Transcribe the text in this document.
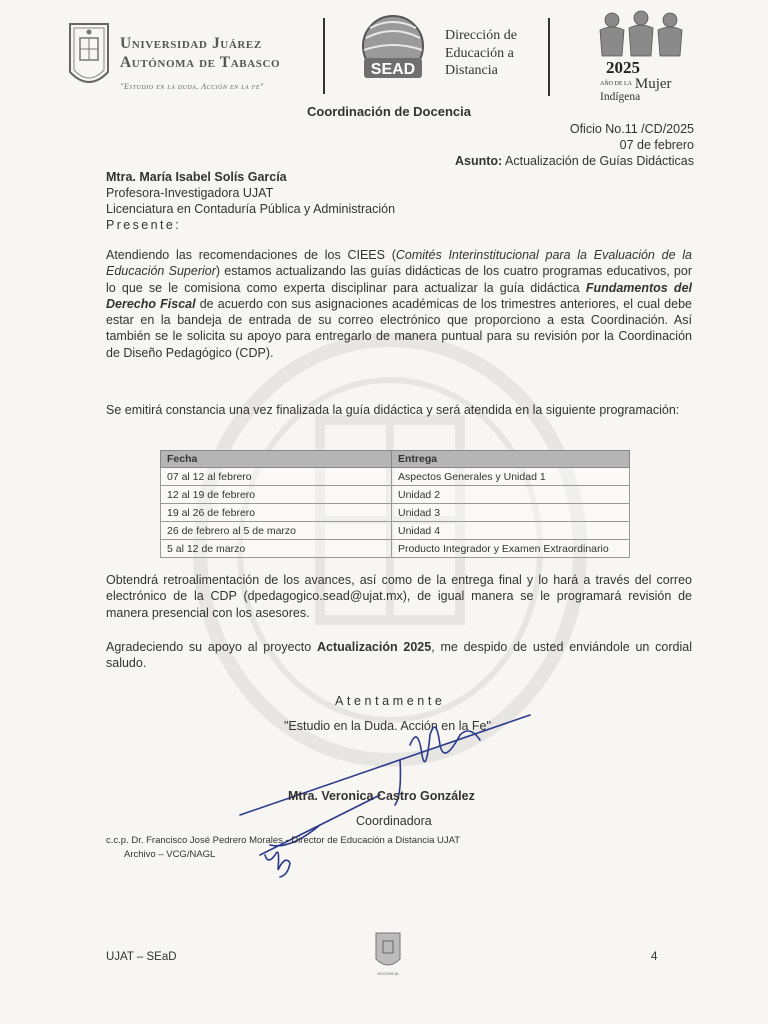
Universidad Juárez
Autónoma de Tabasco
"Estudio en la duda. Acción en la fe"
SEAD
Dirección de
Educación a
Distancia	2025
$^{AÑO DE LA}$ Mujer
Indígena
Coordinación de Docencia
Oficio No.11 /CD/2025
07 de febrero
Asunto: Actualización de Guías Didácticas
Mtra. María Isabel Solís García
Profesora-Investigadora UJAT
Licenciatura en Contaduría Pública y Administración
Presente:
Atendiendo las recomendaciones de los CIEES (Comités Interinstitucional para la Evaluación de la Educación Superior) estamos actualizando las guías didácticas de los cuatro programas educativos, por lo que se le comisiona como experta disciplinar para actualizar la guía didáctica Fundamentos del Derecho Fiscal de acuerdo con sus asignaciones académicas de los trimestres anteriores, el cual debe estar en la bandeja de entrada de su correo electrónico que proporciono a esta Coordinación. Así también se le solicita su apoyo para entregarlo de manera puntual para su revisión por la Coordinación de Diseño Pedagógico (CDP).
Se emitirá constancia una vez finalizada la guía didáctica y será atendida en la siguiente programación:
Fecha	Entrega
07 al 12 al febrero	Aspectos Generales y Unidad 1
12 al 19 de febrero	Unidad 2
19 al 26 de febrero	Unidad 3
26 de febrero al 5 de marzo	Unidad 4
5 al 12 de marzo	Producto Integrador y Examen Extraordinario
Obtendrá retroalimentación de los avances, así como de la entrega final y lo hará a través del correo electrónico de la CDP (dpedagogico.sead@ujat.mx), de igual manera se le programará revisión de manera presencial con los asesores.
Agradeciendo su apoyo al proyecto Actualización 2025, me despido de usted enviándole un cordial saludo.
Atentamente
"Estudio en la Duda. Acción en la Fe"
Mtra. Veronica Castro González
Coordinadora
c.c.p. Dr. Francisco José Pedrero Morales - Director de Educación a Distancia UJAT
Archivo – VCG/NAGL
UJAT – SEaD
DOCENCIA
4
